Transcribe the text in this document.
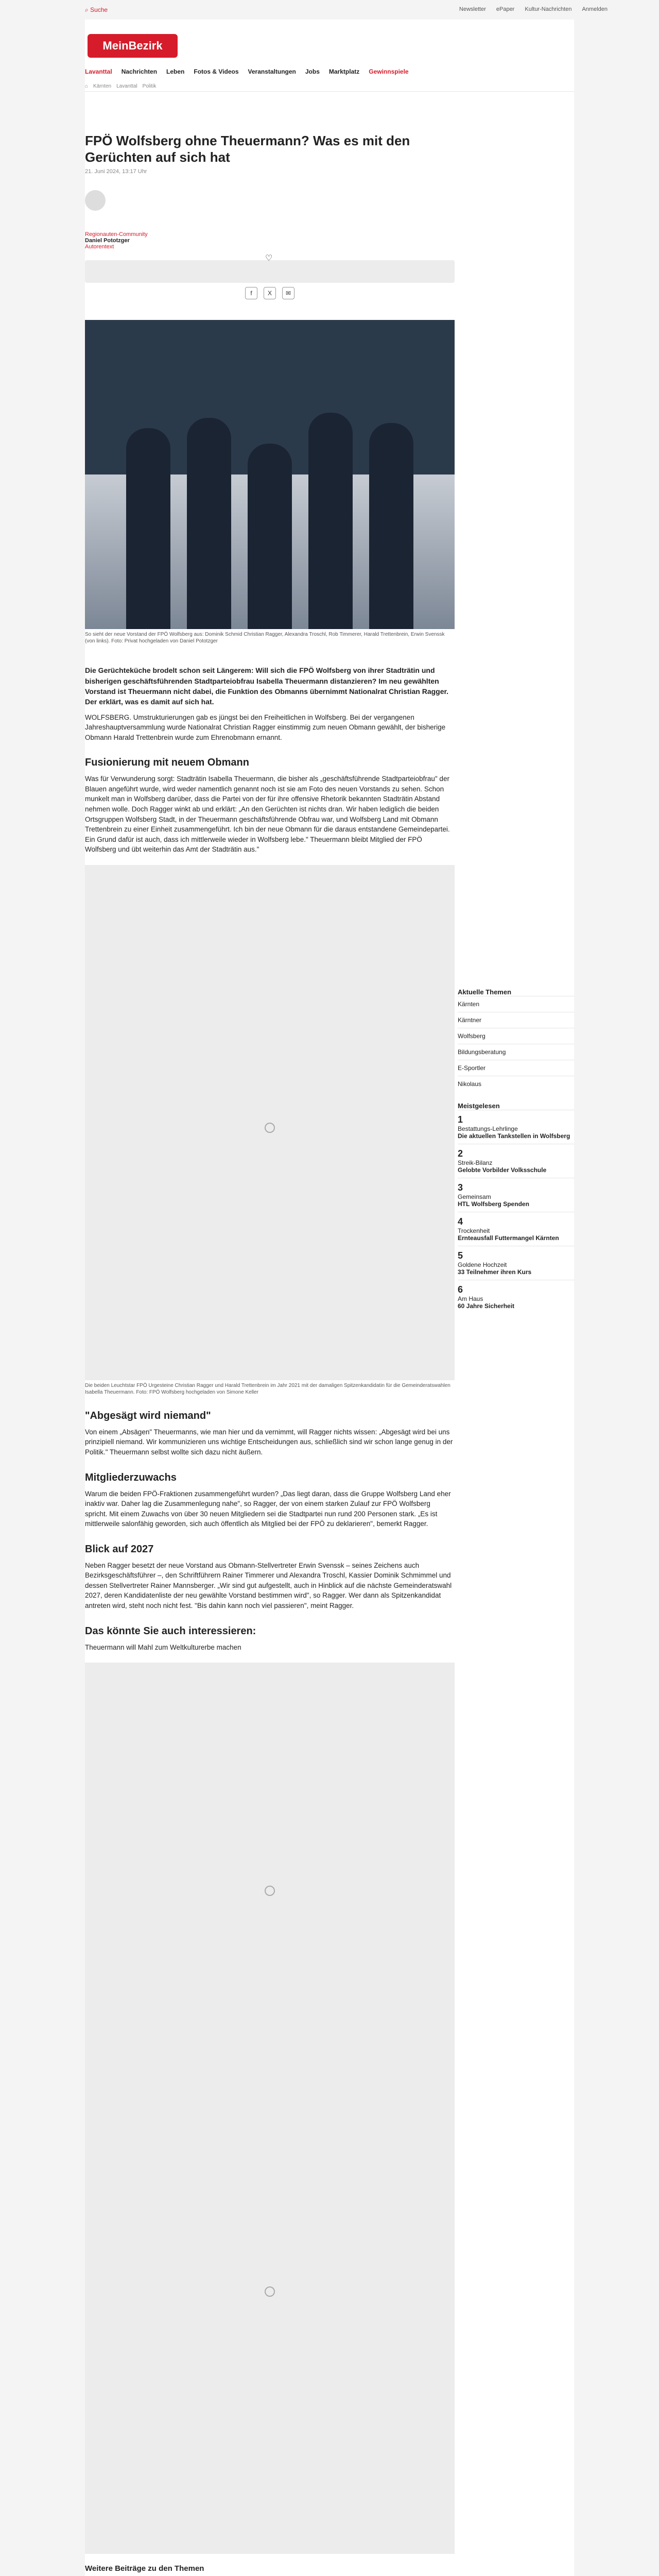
⌕ Suche	Newsletter ePaper Kultur-Nachrichten Anmelden
MeinBezirk
Lavanttal Nachrichten Leben Fotos & Videos Veranstaltungen Jobs Marktplatz Gewinnspiele
⌂ Kärnten Lavanttal Politik
FPÖ Wolfsberg ohne Theuermann? Was es mit den Gerüchten auf sich hat
21. Juni 2024, 13:17 Uhr
Regionauten-Community
Daniel Pototzger
Autorentext
♡
f	X	✉
So sieht der neue Vorstand der FPÖ Wolfsberg aus: Dominik Schmid Christian Ragger, Alexandra Troschl, Rob Timmerer, Harald Trettenbrein, Erwin Svenssk (von links). Foto: Privat hochgeladen von Daniel Pototzger
Die Gerüchteküche brodelt schon seit Längerem: Will sich die FPÖ Wolfsberg von ihrer Stadträtin und bisherigen geschäftsführenden Stadtparteiobfrau Isabella Theuermann distanzieren? Im neu gewählten Vorstand ist Theuermann nicht dabei, die Funktion des Obmanns übernimmt Nationalrat Christian Ragger. Der erklärt, was es damit auf sich hat.

WOLFSBERG. Umstrukturierungen gab es jüngst bei den Freiheitlichen in Wolfsberg. Bei der vergangenen Jahreshauptversammlung wurde Nationalrat Christian Ragger einstimmig zum neuen Obmann gewählt, der bisherige Obmann Harald Trettenbrein wurde zum Ehrenobmann ernannt.

Fusionierung mit neuem Obmann

Was für Verwunderung sorgt: Stadträtin Isabella Theuermann, die bisher als „geschäftsführende Stadtparteiobfrau" der Blauen angeführt wurde, wird weder namentlich genannt noch ist sie am Foto des neuen Vorstands zu sehen. Schon munkelt man in Wolfsberg darüber, dass die Partei von der für ihre offensive Rhetorik bekannten Stadträtin Abstand nehmen wolle. Doch Ragger winkt ab und erklärt: „An den Gerüchten ist nichts dran. Wir haben lediglich die beiden Ortsgruppen Wolfsberg Stadt, in der Theuermann geschäftsführende Obfrau war, und Wolfsberg Land mit Obmann Trettenbrein zu einer Einheit zusammengeführt. Ich bin der neue Obmann für die daraus entstandene Gemeindepartei. Ein Grund dafür ist auch, dass ich mittlerweile wieder in Wolfsberg lebe." Theuermann bleibt Mitglied der FPÖ Wolfsberg und übt weiterhin das Amt der Stadträtin aus."

Die beiden Leuchtstar FPÖ Urgesteine Christian Ragger und Harald Trettenbrein im Jahr 2021 mit der damaligen Spitzenkandidatin für die Gemeinderatswahlen Isabella Theuermann. Foto: FPÖ Wolfsberg hochgeladen von Simone Keller
"Abgesägt wird niemand"

Von einem „Absägen" Theuermanns, wie man hier und da vernimmt, will Ragger nichts wissen: „Abgesägt wird bei uns prinzipiell niemand. Wir kommunizieren uns wichtige Entscheidungen aus, schließlich sind wir schon lange genug in der Politik." Theuermann selbst wollte sich dazu nicht äußern.

Mitgliederzuwachs

Warum die beiden FPÖ-Fraktionen zusammengeführt wurden? „Das liegt daran, dass die Gruppe Wolfsberg Land eher inaktiv war. Daher lag die Zusammenlegung nahe", so Ragger, der von einem starken Zulauf zur FPÖ Wolfsberg spricht. Mit einem Zuwachs von über 30 neuen Mitgliedern sei die Stadtpartei nun rund 200 Personen stark. „Es ist mittlerweile salonfähig geworden, sich auch öffentlich als Mitglied bei der FPÖ zu deklarieren", bemerkt Ragger.

Blick auf 2027

Neben Ragger besetzt der neue Vorstand aus Obmann-Stellvertreter Erwin Svenssk – seines Zeichens auch Bezirksgeschäftsführer –, den Schriftführern Rainer Timmerer und Alexandra Troschl, Kassier Dominik Schmimmel und dessen Stellvertreter Rainer Mannsberger. „Wir sind gut aufgestellt, auch in Hinblick auf die nächste Gemeinderatswahl 2027, deren Kandidatenliste der neu gewählte Vorstand bestimmen wird", so Ragger. Wer dann als Spitzenkandidat antreten wird, steht noch nicht fest. "Bis dahin kann noch viel passieren", meint Ragger.

Das könnte Sie auch interessieren:

Theuermann will Mahl zum Weltkulturerbe machen

Weitere Beiträge zu den Themen

Aktuelle Themen
Kärnten
Kärntner
Wolfsberg
Bildungsberatung
E-Sportler
Nikolaus
Meistgelesen
1
Bestattungs-Lehrlinge
Die aktuellen Tankstellen in Wolfsberg
2
Streik-Bilanz
Gelobte Vorbilder Volksschule
3
Gemeinsam
HTL Wolfsberg Spenden
4
Trockenheit
Ernteausfall Futtermangel Kärnten
5
Goldene Hochzeit
33 Teilnehmer ihren Kurs
6
Am Haus
60 Jahre Sicherheit
